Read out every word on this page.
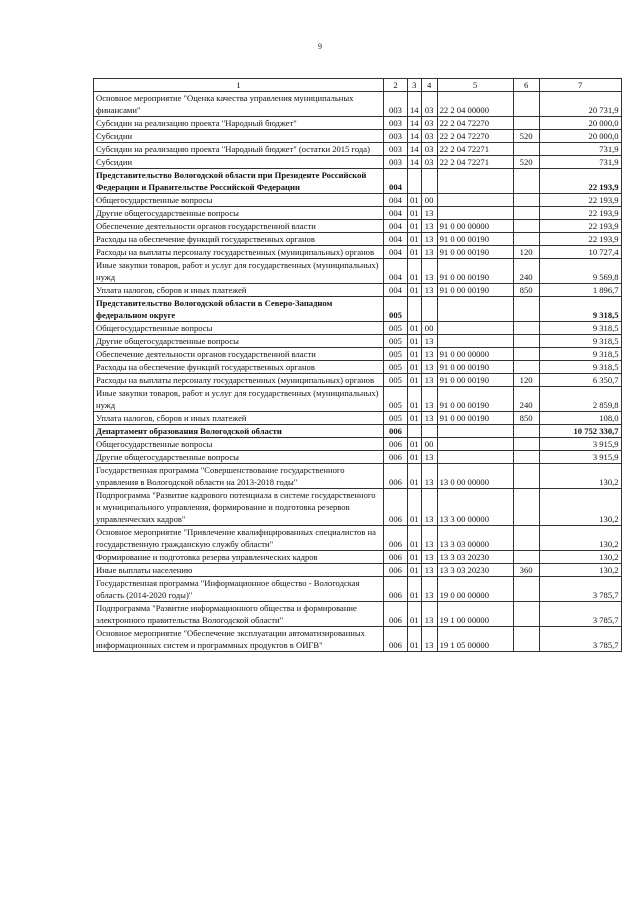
9
1	2	3	4	5	6	7
Основное мероприятие "Оценка качества управления муниципальных финансами"	003	14	03	22 2 04 00000		20 731,9
Субсидии на реализацию проекта "Народный бюджет"	003	14	03	22 2 04 72270		20 000,0
Субсидии	003	14	03	22 2 04 72270	520	20 000,0
Субсидии на реализацию проекта "Народный бюджет" (остатки 2015 года)	003	14	03	22 2 04 72271		731,9
Субсидии	003	14	03	22 2 04 72271	520	731,9
Представительство Вологодской области при Президенте Российской Федерации и Правительстве Российской Федерации	004					22 193,9
Общегосударственные вопросы	004	01	00			22 193,9
Другие общегосударственные вопросы	004	01	13			22 193,9
Обеспечение деятельности органов государственной власти	004	01	13	91 0 00 00000		22 193,9
Расходы на обеспечение функций государственных органов	004	01	13	91 0 00 00190		22 193,9
Расходы на выплаты персоналу государственных (муниципальных) органов	004	01	13	91 0 00 00190	120	10 727,4
Иные закупки товаров, работ и услуг для государственных (муниципальных) нужд	004	01	13	91 0 00 00190	240	9 569,8
Уплата налогов, сборов и иных платежей	004	01	13	91 0 00 00190	850	1 896,7
Представительство Вологодской области в Северо-Западном федеральном округе	005					9 318,5
Общегосударственные вопросы	005	01	00			9 318,5
Другие общегосударственные вопросы	005	01	13			9 318,5
Обеспечение деятельности органов государственной власти	005	01	13	91 0 00 00000		9 318,5
Расходы на обеспечение функций государственных органов	005	01	13	91 0 00 00190		9 318,5
Расходы на выплаты персоналу государственных (муниципальных) органов	005	01	13	91 0 00 00190	120	6 350,7
Иные закупки товаров, работ и услуг для государственных (муниципальных) нужд	005	01	13	91 0 00 00190	240	2 859,8
Уплата налогов, сборов и иных платежей	005	01	13	91 0 00 00190	850	108,0
Департамент образования Вологодской области	006					10 752 330,7
Общегосударственные вопросы	006	01	00			3 915,9
Другие общегосударственные вопросы	006	01	13			3 915,9
Государственная программа "Совершенствование государственного управления в Вологодской области на 2013-2018 годы"	006	01	13	13 0 00 00000		130,2
Подпрограмма "Развитие кадрового потенциала в системе государственного и муниципального управления, формирование и подготовка резервов управленческих кадров"	006	01	13	13 3 00 00000		130,2
Основное мероприятие "Привлечение квалифицированных специалистов на государственную гражданскую службу области"	006	01	13	13 3 03 00000		130,2
Формирование и подготовка резерва управленческих кадров	006	01	13	13 3 03 20230		130,2
Иные выплаты населению	006	01	13	13 3 03 20230	360	130,2
Государственная программа "Информационное общество - Вологодская область (2014-2020 годы)"	006	01	13	19 0 00 00000		3 785,7
Подпрограмма "Развитие информационного общества и формирование электронного правительства Вологодской области"	006	01	13	19 1 00 00000		3 785,7
Основное мероприятие "Обеспечение эксплуатации автоматизированных информационных систем и программных продуктов в ОИГВ"	006	01	13	19 1 05 00000		3 785,7
